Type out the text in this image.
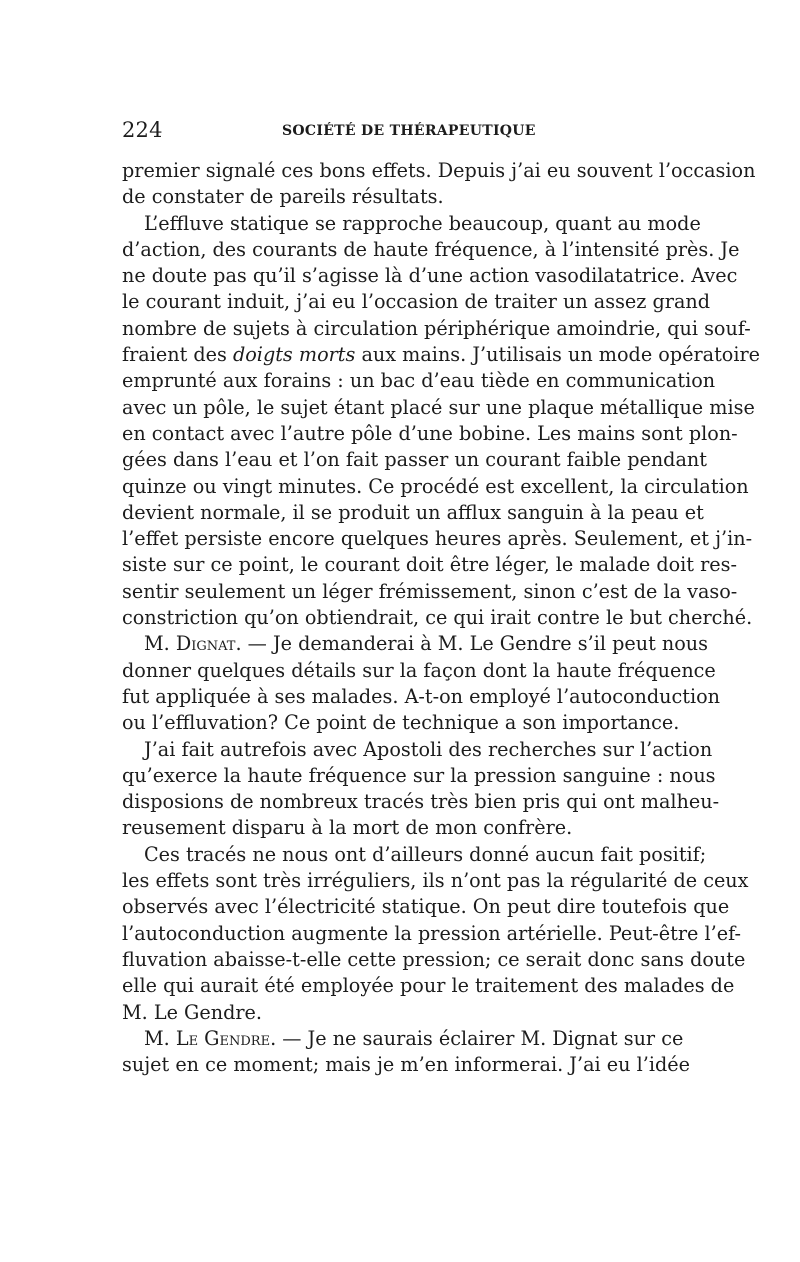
224	SOCIÉTÉ DE THÉRAPEUTIQUE
premier signalé ces bons effets. Depuis j’ai eu souvent l’occasion
de constater de pareils résultats.
L’effluve statique se rapproche beaucoup, quant au mode
d’action, des courants de haute fréquence, à l’intensité près. Je
ne doute pas qu’il s’agisse là d’une action vasodilatatrice. Avec
le courant induit, j’ai eu l’occasion de traiter un assez grand
nombre de sujets à circulation périphérique amoindrie, qui souf-
fraient des doigts morts aux mains. J’utilisais un mode opératoire
emprunté aux forains : un bac d’eau tiède en communication
avec un pôle, le sujet étant placé sur une plaque métallique mise
en contact avec l’autre pôle d’une bobine. Les mains sont plon-
gées dans l’eau et l’on fait passer un courant faible pendant
quinze ou vingt minutes. Ce procédé est excellent, la circulation
devient normale, il se produit un afflux sanguin à la peau et
l’effet persiste encore quelques heures après. Seulement, et j’in-
siste sur ce point, le courant doit être léger, le malade doit res-
sentir seulement un léger frémissement, sinon c’est de la vaso-
constriction qu’on obtiendrait, ce qui irait contre le but cherché.
M. Dignat. — Je demanderai à M. Le Gendre s’il peut nous
donner quelques détails sur la façon dont la haute fréquence
fut appliquée à ses malades. A-t-on employé l’autoconduction
ou l’effluvation? Ce point de technique a son importance.
J’ai fait autrefois avec Apostoli des recherches sur l’action
qu’exerce la haute fréquence sur la pression sanguine : nous
disposions de nombreux tracés très bien pris qui ont malheu-
reusement disparu à la mort de mon confrère.
Ces tracés ne nous ont d’ailleurs donné aucun fait positif;
les effets sont très irréguliers, ils n’ont pas la régularité de ceux
observés avec l’électricité statique. On peut dire toutefois que
l’autoconduction augmente la pression artérielle. Peut-être l’ef-
fluvation abaisse-t-elle cette pression; ce serait donc sans doute
elle qui aurait été employée pour le traitement des malades de
M. Le Gendre.
M. Le Gendre. — Je ne saurais éclairer M. Dignat sur ce
sujet en ce moment; mais je m’en informerai. J’ai eu l’idée
